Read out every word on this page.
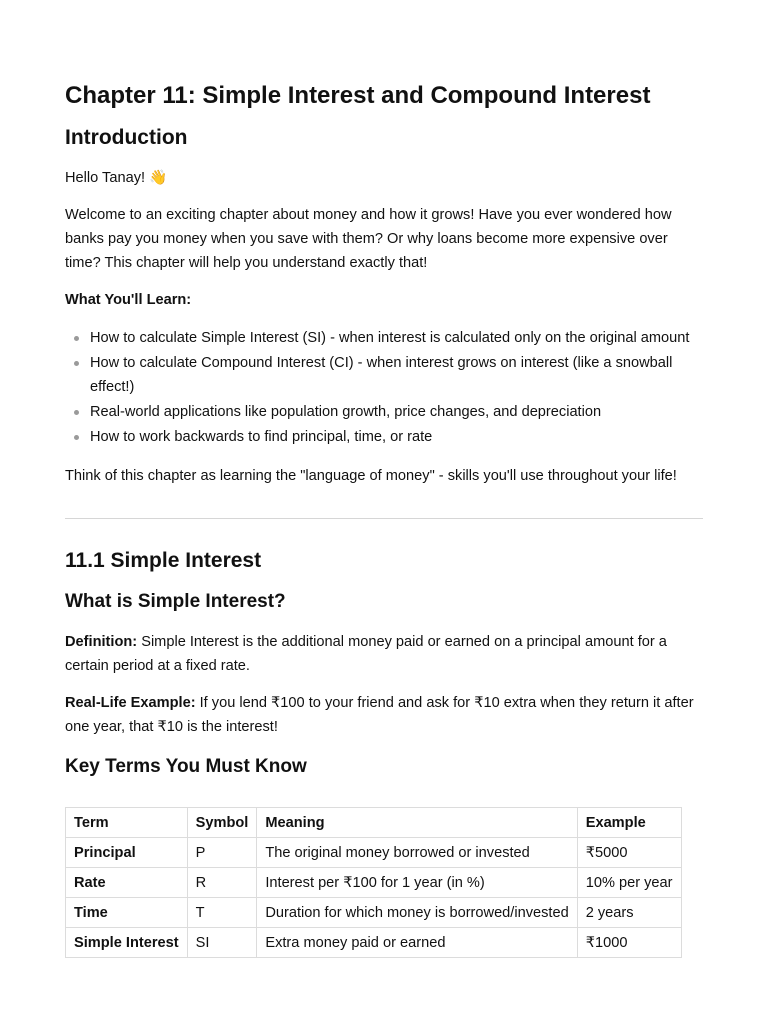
Chapter 11: Simple Interest and Compound Interest
Introduction

Hello Tanay! 👋

Welcome to an exciting chapter about money and how it grows! Have you ever wondered how banks pay you money when you save with them? Or why loans become more expensive over time? This chapter will help you understand exactly that!

What You'll Learn:

How to calculate Simple Interest (SI) - when interest is calculated only on the original amount
How to calculate Compound Interest (CI) - when interest grows on interest (like a snowball effect!)
Real-world applications like population growth, price changes, and depreciation
How to work backwards to find principal, time, or rate

Think of this chapter as learning the "language of money" - skills you'll use throughout your life!

11.1 Simple Interest
What is Simple Interest?

Definition: Simple Interest is the additional money paid or earned on a principal amount for a certain period at a fixed rate.

Real-Life Example: If you lend ₹100 to your friend and ask for ₹10 extra when they return it after one year, that ₹10 is the interest!

Key Terms You Must Know
Term	Symbol	Meaning	Example
Principal	P	The original money borrowed or invested	₹5000
Rate	R	Interest per ₹100 for 1 year (in %)	10% per year
Time	T	Duration for which money is borrowed/invested	2 years
Simple Interest	SI	Extra money paid or earned	₹1000
